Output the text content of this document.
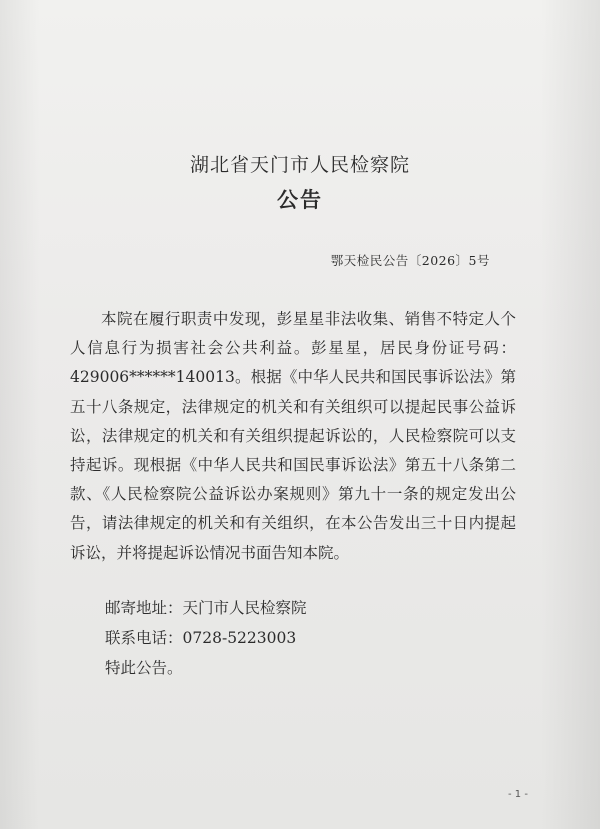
湖北省天门市人民检察院
公告
鄂天检民公告〔2026〕5号

本院在履行职责中发现，彭星星非法收集、销售不特定人个人信息行为损害社会公共利益。彭星星，居民身份证号码：429006******140013。根据《中华人民共和国民事诉讼法》第五十八条规定，法律规定的机关和有关组织可以提起民事公益诉讼，法律规定的机关和有关组织提起诉讼的，人民检察院可以支持起诉。现根据《中华人民共和国民事诉讼法》第五十八条第二款、《人民检察院公益诉讼办案规则》第九十一条的规定发出公告，请法律规定的机关和有关组织，在本公告发出三十日内提起诉讼，并将提起诉讼情况书面告知本院。

邮寄地址：天门市人民检察院
联系电话：0728-5223003
特此公告。
- 1 -
